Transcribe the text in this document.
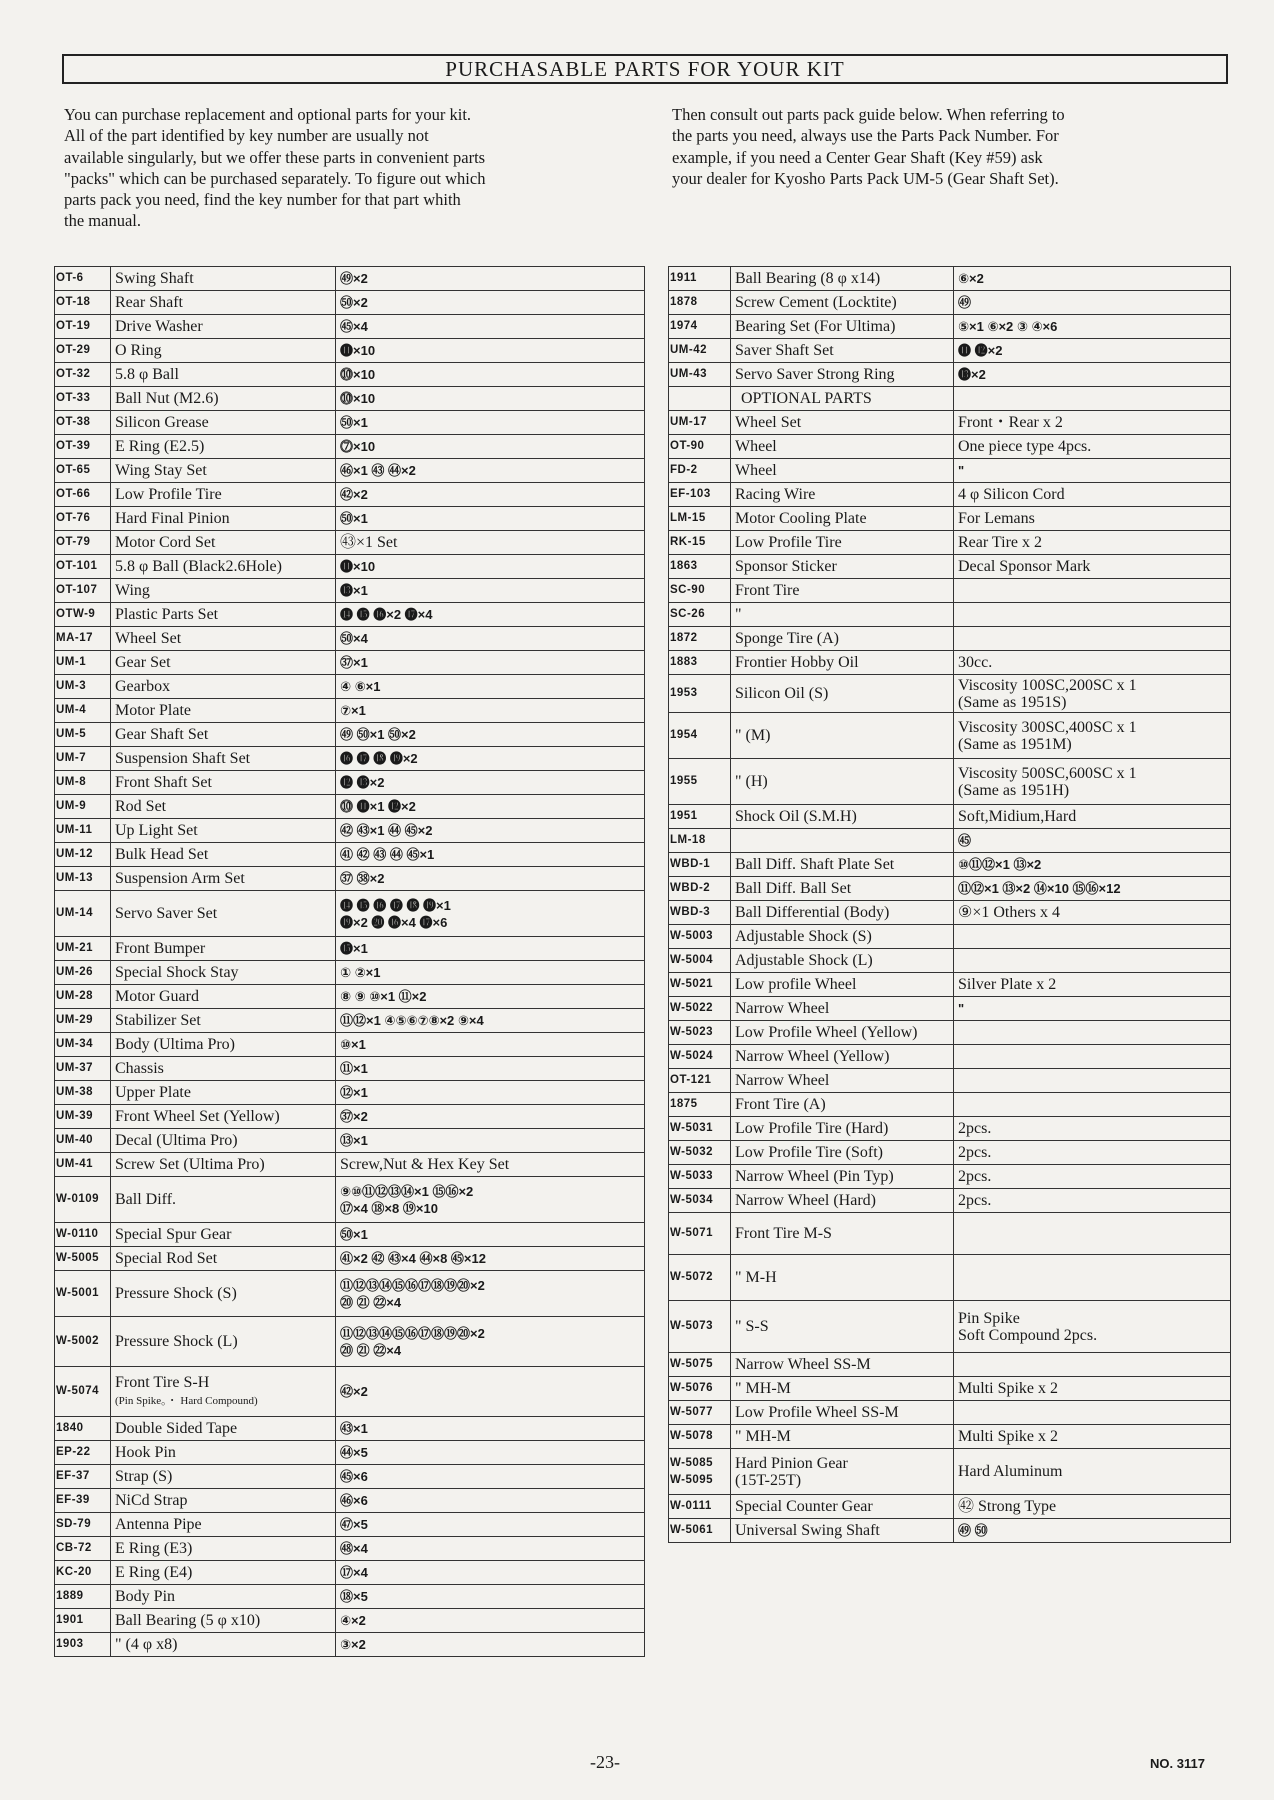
PURCHASABLE PARTS FOR YOUR KIT
You can purchase replacement and optional parts for your kit.
All of the part identified by key number are usually not
available singularly, but we offer these parts in convenient parts
"packs" which can be purchased separately. To figure out which
parts pack you need, find the key number for that part whith
the manual.
Then consult out parts pack guide below. When referring to
the parts you need, always use the Parts Pack Number. For
example, if you need a Center Gear Shaft (Key #59) ask
your dealer for Kyosho Parts Pack UM-5 (Gear Shaft Set).
OT-6	Swing Shaft	㊾×2
OT-18	Rear Shaft	㊿×2
OT-19	Drive Washer	㊺×4
OT-29	O Ring	⓫×10
OT-32	5.8 φ Ball	⓾×10
OT-33	Ball Nut (M2.6)	⓾×10
OT-38	Silicon Grease	㊿×1
OT-39	E Ring (E2.5)	⓻×10
OT-65	Wing Stay Set	㊻×1 ㊸ ㊹×2
OT-66	Low Profile Tire	㊷×2
OT-76	Hard Final Pinion	㊿×1
OT-79	Motor Cord Set	㊸×1 Set
OT-101	5.8 φ Ball (Black2.6Hole)	⓫×10
OT-107	Wing	⓭×1
OTW-9	Plastic Parts Set	⓮ ⓯ ⓰×2 ⓱×4
MA-17	Wheel Set	㊿×4
UM-1	Gear Set	㊲×1
UM-3	Gearbox	④ ⑥×1
UM-4	Motor Plate	⑦×1
UM-5	Gear Shaft Set	㊾ ㊿×1 ㊿×2
UM-7	Suspension Shaft Set	⓰ ⓱ ⓲ ⓳×2
UM-8	Front Shaft Set	⓬ ⓭×2
UM-9	Rod Set	⓾ ⓫×1 ⓬×2
UM-11	Up Light Set	㊷ ㊸×1 ㊹ ㊺×2
UM-12	Bulk Head Set	㊶ ㊷ ㊸ ㊹ ㊺×1
UM-13	Suspension Arm Set	㊲ ㊳×2
UM-14	Servo Saver Set	⓮ ⓯ ⓰ ⓱ ⓲ ⓳×1
⓳×2 ⓴ ⓰×4 ⓱×6
UM-21	Front Bumper	⓯×1
UM-26	Special Shock Stay	① ②×1
UM-28	Motor Guard	⑧ ⑨ ⑩×1 ⑪×2
UM-29	Stabilizer Set	⑪⑫×1 ④⑤⑥⑦⑧×2 ⑨×4
UM-34	Body (Ultima Pro)	⑩×1
UM-37	Chassis	⑪×1
UM-38	Upper Plate	⑫×1
UM-39	Front Wheel Set (Yellow)	㊲×2
UM-40	Decal (Ultima Pro)	⑬×1
UM-41	Screw Set (Ultima Pro)	Screw,Nut & Hex Key Set
W-0109	Ball Diff.	⑨⑩⑪⑫⑬⑭×1 ⑮⑯×2
⑰×4 ⑱×8 ⑲×10
W-0110	Special Spur Gear	㊿×1
W-5005	Special Rod Set	㊶×2 ㊷ ㊸×4 ㊹×8 ㊺×12
W-5001	Pressure Shock (S)	⑪⑫⑬⑭⑮⑯⑰⑱⑲⑳×2
⑳ ㉑ ㉒×4
W-5002	Pressure Shock (L)	⑪⑫⑬⑭⑮⑯⑰⑱⑲⑳×2
⑳ ㉑ ㉒×4
W-5074	Front Tire S-H
(Pin Spike。・ Hard Compound)	㊷×2
1840	Double Sided Tape	㊸×1
EP-22	Hook Pin	㊹×5
EF-37	Strap (S)	㊺×6
EF-39	NiCd Strap	㊻×6
SD-79	Antenna Pipe	㊼×5
CB-72	E Ring (E3)	㊽×4
KC-20	E Ring (E4)	⑰×4
1889	Body Pin	⑱×5
1901	Ball Bearing (5 φ x10)	④×2
1903	" (4 φ x8)	③×2
1911	Ball Bearing (8 φ x14)	⑥×2
1878	Screw Cement (Locktite)	㊾
1974	Bearing Set (For Ultima)	⑤×1 ⑥×2 ③ ④×6
UM-42	Saver Shaft Set	⓫ ⓬×2
UM-43	Servo Saver Strong Ring	⓭×2
	OPTIONAL PARTS	
UM-17	Wheel Set	Front・Rear x 2
OT-90	Wheel	One piece type 4pcs.
FD-2	Wheel	"
EF-103	Racing Wire	4 φ Silicon Cord
LM-15	Motor Cooling Plate	For Lemans
RK-15	Low Profile Tire	Rear Tire x 2
1863	Sponsor Sticker	Decal Sponsor Mark
SC-90	Front Tire	
SC-26	"	
1872	Sponge Tire (A)	
1883	Frontier Hobby Oil	30cc.
1953	Silicon Oil (S)	Viscosity 100SC,200SC x 1
(Same as 1951S)
1954	" (M)	Viscosity 300SC,400SC x 1
(Same as 1951M)
1955	" (H)	Viscosity 500SC,600SC x 1
(Same as 1951H)
1951	Shock Oil (S.M.H)	Soft,Midium,Hard
LM-18		㊺
WBD-1	Ball Diff. Shaft Plate Set	⑩⑪⑫×1 ⑬×2
WBD-2	Ball Diff. Ball Set	⑪⑫×1 ⑬×2 ⑭×10 ⑮⑯×12
WBD-3	Ball Differential (Body)	⑨×1 Others x 4
W-5003	Adjustable Shock (S)	
W-5004	Adjustable Shock (L)	
W-5021	Low profile Wheel	Silver Plate x 2
W-5022	Narrow Wheel	"
W-5023	Low Profile Wheel (Yellow)	
W-5024	Narrow Wheel (Yellow)	
OT-121	Narrow Wheel	
1875	Front Tire (A)	
W-5031	Low Profile Tire (Hard)	2pcs.
W-5032	Low Profile Tire (Soft)	2pcs.
W-5033	Narrow Wheel (Pin Typ)	2pcs.
W-5034	Narrow Wheel (Hard)	2pcs.
W-5071	Front Tire M-S	
W-5072	" M-H	
W-5073	" S-S	Pin Spike
Soft Compound 2pcs.
W-5075	Narrow Wheel SS-M	
W-5076	" MH-M	Multi Spike x 2
W-5077	Low Profile Wheel SS-M	
W-5078	" MH-M	Multi Spike x 2
W-5085
W-5095	Hard Pinion Gear
(15T-25T)	Hard Aluminum
W-0111	Special Counter Gear	㊷ Strong Type
W-5061	Universal Swing Shaft	㊾ ㊿
-23-	NO. 3117
